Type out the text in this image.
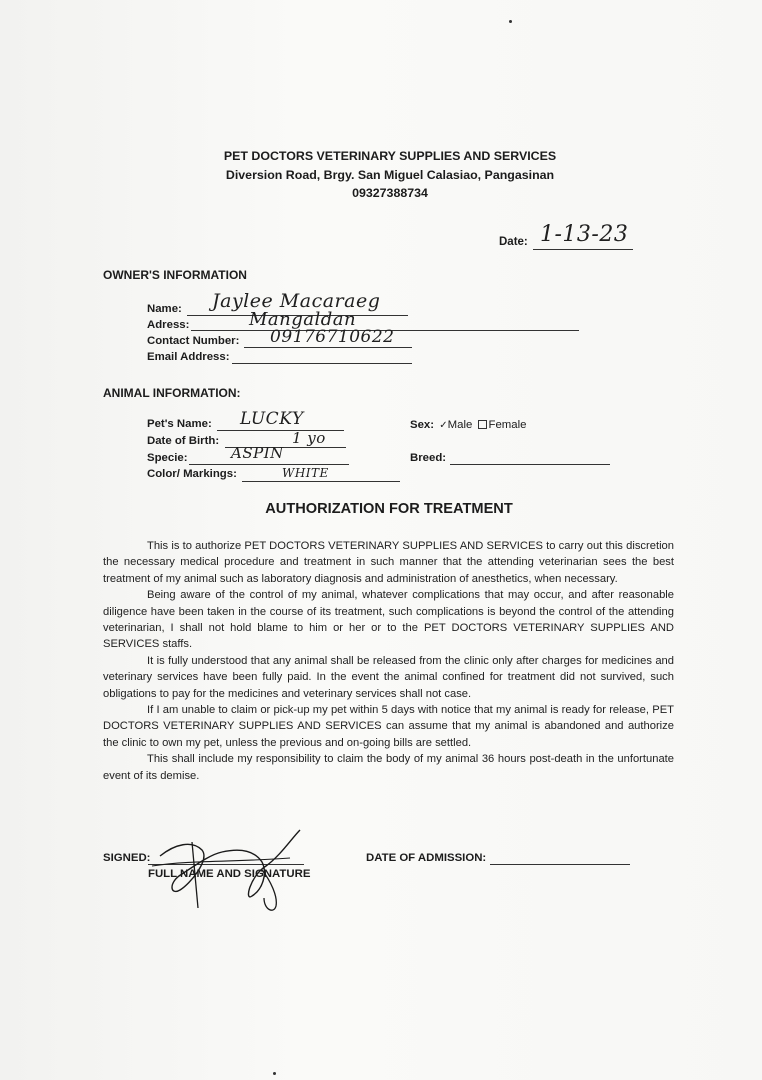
PET DOCTORS VETERINARY SUPPLIES AND SERVICES
Diversion Road, Brgy. San Miguel Calasiao, Pangasinan
09327388734
Date: 1-13-23
OWNER'S INFORMATION
Name: Jaylee Macaraeg
Adress:	Mangaldan
Contact Number: 09176710622
Email Address:
ANIMAL INFORMATION:
Pet's Name: LUCKY
Date of Birth:	1 yo
Specie:	ASPIN
Color/ Markings:	WHITE
Sex: ✓Male Female
Breed:
AUTHORIZATION FOR TREATMENT

This is to authorize PET DOCTORS VETERINARY SUPPLIES AND SERVICES to carry out this discretion the necessary medical procedure and treatment in such manner that the attending veterinarian sees the best treatment of my animal such as laboratory diagnosis and administration of anesthetics, when necessary.

Being aware of the control of my animal, whatever complications that may occur, and after reasonable diligence have been taken in the course of its treatment, such complications is beyond the control of the attending veterinarian, I shall not hold blame to him or her or to the PET DOCTORS VETERINARY SUPPLIES AND SERVICES staffs.

It is fully understood that any animal shall be released from the clinic only after charges for medicines and veterinary services have been fully paid. In the event the animal confined for treatment did not survived, such obligations to pay for the medicines and veterinary services shall not case.

If I am unable to claim or pick-up my pet within 5 days with notice that my animal is ready for release, PET DOCTORS VETERINARY SUPPLIES AND SERVICES can assume that my animal is abandoned and authorize the clinic to own my pet, unless the previous and on-going bills are settled.

This shall include my responsibility to claim the body of my animal 36 hours post-death in the unfortunate event of its demise.

SIGNED:
FULL NAME AND SIGNATURE
DATE OF ADMISSION:
